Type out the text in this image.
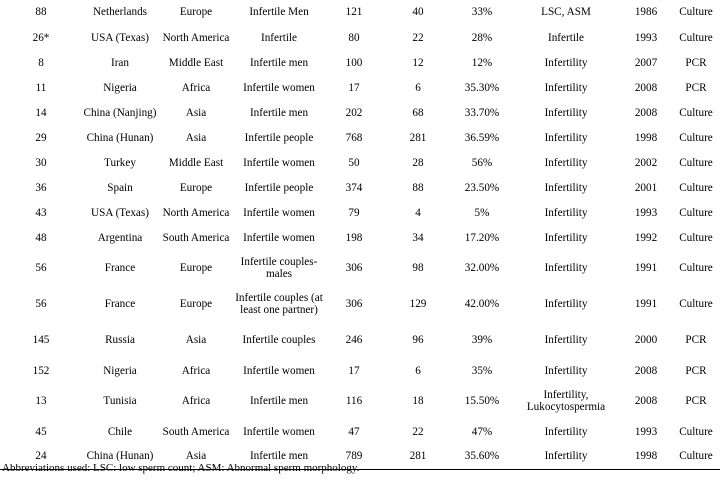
88	Netherlands	Europe	Infertile Men	121	40	33%	LSC, ASM	1986	Culture
26*	USA (Texas)	North America	Infertile	80	22	28%	Infertile	1993	Culture
8	Iran	Middle East	Infertile men	100	12	12%	Infertility	2007	PCR
11	Nigeria	Africa	Infertile women	17	6	35.30%	Infertility	2008	PCR
14	China (Nanjing)	Asia	Infertile men	202	68	33.70%	Infertility	2008	Culture
29	China (Hunan)	Asia	Infertile people	768	281	36.59%	Infertility	1998	Culture
30	Turkey	Middle East	Infertile women	50	28	56%	Infertility	2002	Culture
36	Spain	Europe	Infertile people	374	88	23.50%	Infertility	2001	Culture
43	USA (Texas)	North America	Infertile women	79	4	5%	Infertility	1993	Culture
48	Argentina	South America	Infertile women	198	34	17.20%	Infertility	1992	Culture
56	France	Europe	Infertile couples-males	306	98	32.00%	Infertility	1991	Culture
56	France	Europe	Infertile couples (at least one partner)	306	129	42.00%	Infertility	1991	Culture
145	Russia	Asia	Infertile couples	246	96	39%	Infertility	2000	PCR
152	Nigeria	Africa	Infertile women	17	6	35%	Infertility	2008	PCR
13	Tunisia	Africa	Infertile men	116	18	15.50%	Infertility, Lukocytospermia	2008	PCR
45	Chile	South America	Infertile women	47	22	47%	Infertility	1993	Culture
24	China (Hunan)	Asia	Infertile men	789	281	35.60%	Infertility	1998	Culture
Abbreviations used: LSC: low sperm count; ASM: Abnormal sperm morphology.
